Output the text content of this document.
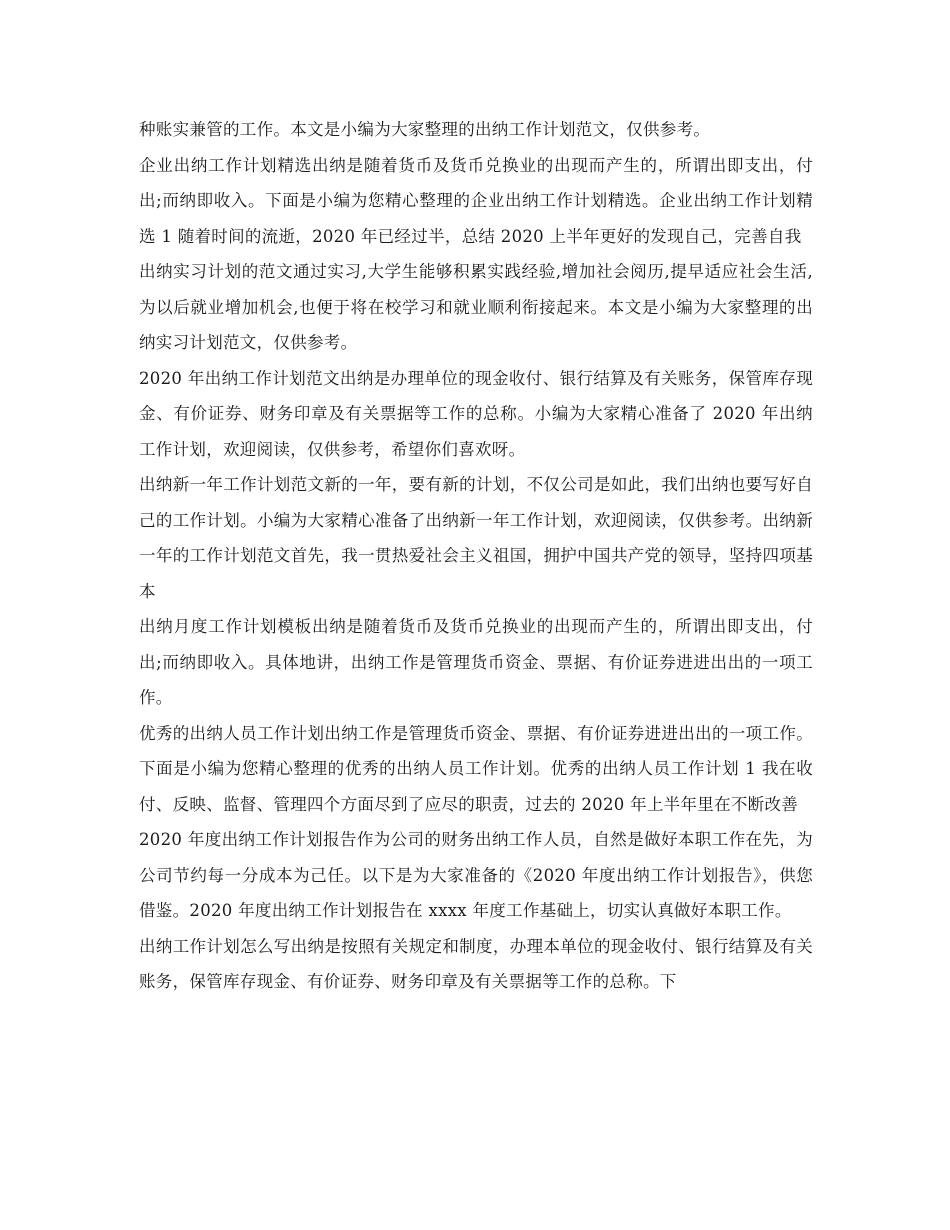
种账实兼管的工作。本文是小编为大家整理的出纳工作计划范文，仅供参考。

企业出纳工作计划精选出纳是随着货币及货币兑换业的出现而产生的，所谓出即支出，付出;而纳即收入。下面是小编为您精心整理的企业出纳工作计划精选。企业出纳工作计划精选 1 随着时间的流逝，2020 年已经过半，总结 2020 上半年更好的发现自己，完善自我

出纳实习计划的范文通过实习,大学生能够积累实践经验,增加社会阅历,提早适应社会生活,为以后就业增加机会,也便于将在校学习和就业顺利衔接起来。本文是小编为大家整理的出纳实习计划范文，仅供参考。

2020 年出纳工作计划范文出纳是办理单位的现金收付、银行结算及有关账务，保管库存现金、有价证券、财务印章及有关票据等工作的总称。小编为大家精心准备了 2020 年出纳工作计划，欢迎阅读，仅供参考，希望你们喜欢呀。

出纳新一年工作计划范文新的一年，要有新的计划，不仅公司是如此，我们出纳也要写好自己的工作计划。小编为大家精心准备了出纳新一年工作计划，欢迎阅读，仅供参考。出纳新一年的工作计划范文首先，我一贯热爱社会主义祖国，拥护中国共产党的领导，坚持四项基本

出纳月度工作计划模板出纳是随着货币及货币兑换业的出现而产生的，所谓出即支出，付出;而纳即收入。具体地讲，出纳工作是管理货币资金、票据、有价证券进进出出的一项工作。

优秀的出纳人员工作计划出纳工作是管理货币资金、票据、有价证券进进出出的一项工作。下面是小编为您精心整理的优秀的出纳人员工作计划。优秀的出纳人员工作计划 1 我在收付、反映、监督、管理四个方面尽到了应尽的职责，过去的 2020 年上半年里在不断改善

2020 年度出纳工作计划报告作为公司的财务出纳工作人员，自然是做好本职工作在先，为公司节约每一分成本为己任。以下是为大家准备的《2020 年度出纳工作计划报告》，供您借鉴。2020 年度出纳工作计划报告在 xxxx 年度工作基础上，切实认真做好本职工作。

出纳工作计划怎么写出纳是按照有关规定和制度，办理本单位的现金收付、银行结算及有关账务，保管库存现金、有价证券、财务印章及有关票据等工作的总称。下
